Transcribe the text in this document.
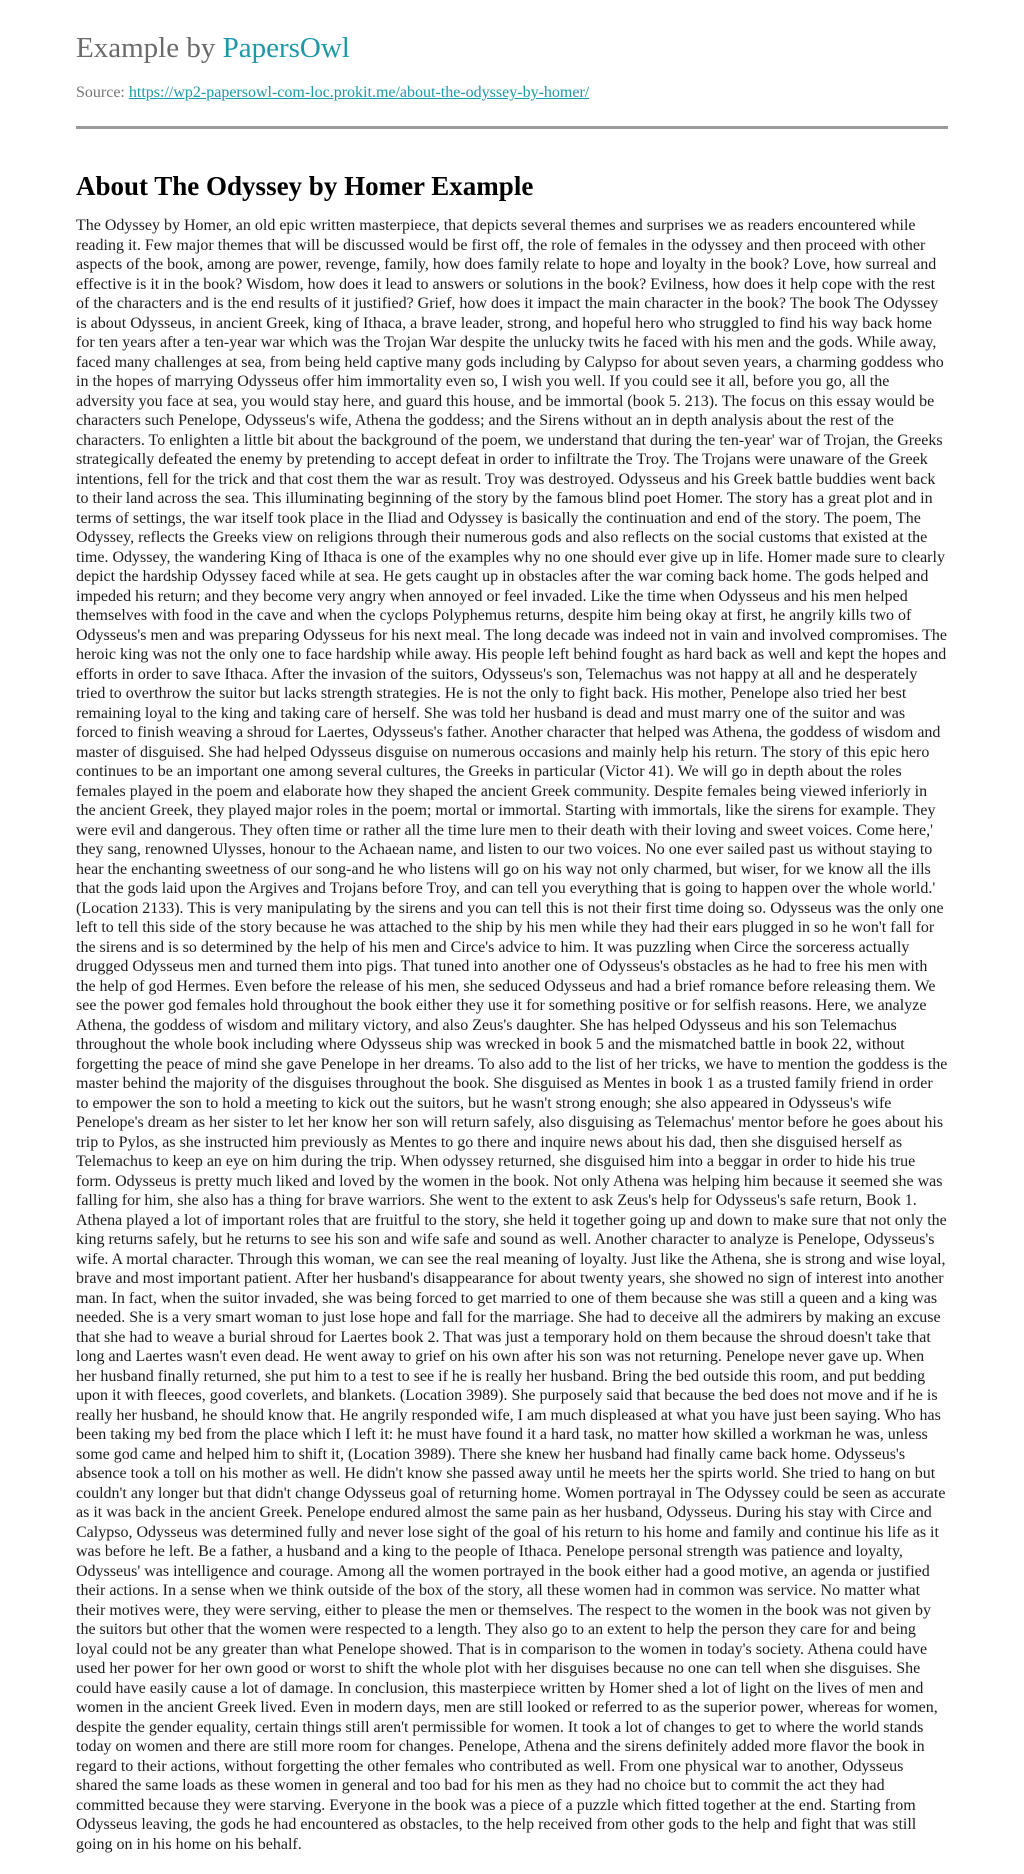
Example by PapersOwl

Source: https://wp2-papersowl-com-loc.prokit.me/about-the-odyssey-by-homer/

About The Odyssey by Homer Example

The Odyssey by Homer, an old epic written masterpiece, that depicts several themes and surprises we as readers encountered while reading it. Few major themes that will be discussed would be first off, the role of females in the odyssey and then proceed with other aspects of the book, among are power, revenge, family, how does family relate to hope and loyalty in the book? Love, how surreal and effective is it in the book? Wisdom, how does it lead to answers or solutions in the book? Evilness, how does it help cope with the rest of the characters and is the end results of it justified? Grief, how does it impact the main character in the book? The book The Odyssey is about Odysseus, in ancient Greek, king of Ithaca, a brave leader, strong, and hopeful hero who struggled to find his way back home for ten years after a ten-year war which was the Trojan War despite the unlucky twits he faced with his men and the gods. While away, faced many challenges at sea, from being held captive many gods including by Calypso for about seven years, a charming goddess who in the hopes of marrying Odysseus offer him immortality even so, I wish you well. If you could see it all, before you go, all the adversity you face at sea, you would stay here, and guard this house, and be immortal (book 5. 213). The focus on this essay would be characters such Penelope, Odysseus's wife, Athena the goddess; and the Sirens without an in depth analysis about the rest of the characters. To enlighten a little bit about the background of the poem, we understand that during the ten-year' war of Trojan, the Greeks strategically defeated the enemy by pretending to accept defeat in order to infiltrate the Troy. The Trojans were unaware of the Greek intentions, fell for the trick and that cost them the war as result. Troy was destroyed. Odysseus and his Greek battle buddies went back to their land across the sea. This illuminating beginning of the story by the famous blind poet Homer. The story has a great plot and in terms of settings, the war itself took place in the Iliad and Odyssey is basically the continuation and end of the story. The poem, The Odyssey, reflects the Greeks view on religions through their numerous gods and also reflects on the social customs that existed at the time. Odyssey, the wandering King of Ithaca is one of the examples why no one should ever give up in life. Homer made sure to clearly depict the hardship Odyssey faced while at sea. He gets caught up in obstacles after the war coming back home. The gods helped and impeded his return; and they become very angry when annoyed or feel invaded. Like the time when Odysseus and his men helped themselves with food in the cave and when the cyclops Polyphemus returns, despite him being okay at first, he angrily kills two of Odysseus's men and was preparing Odysseus for his next meal. The long decade was indeed not in vain and involved compromises. The heroic king was not the only one to face hardship while away. His people left behind fought as hard back as well and kept the hopes and efforts in order to save Ithaca. After the invasion of the suitors, Odysseus's son, Telemachus was not happy at all and he desperately tried to overthrow the suitor but lacks strength strategies. He is not the only to fight back. His mother, Penelope also tried her best remaining loyal to the king and taking care of herself. She was told her husband is dead and must marry one of the suitor and was forced to finish weaving a shroud for Laertes, Odysseus's father. Another character that helped was Athena, the goddess of wisdom and master of disguised. She had helped Odysseus disguise on numerous occasions and mainly help his return. The story of this epic hero continues to be an important one among several cultures, the Greeks in particular (Victor 41). We will go in depth about the roles females played in the poem and elaborate how they shaped the ancient Greek community. Despite females being viewed inferiorly in the ancient Greek, they played major roles in the poem; mortal or immortal. Starting with immortals, like the sirens for example. They were evil and dangerous. They often time or rather all the time lure men to their death with their loving and sweet voices. Come here,' they sang, renowned Ulysses, honour to the Achaean name, and listen to our two voices. No one ever sailed past us without staying to hear the enchanting sweetness of our song-and he who listens will go on his way not only charmed, but wiser, for we know all the ills that the gods laid upon the Argives and Trojans before Troy, and can tell you everything that is going to happen over the whole world.' (Location 2133). This is very manipulating by the sirens and you can tell this is not their first time doing so. Odysseus was the only one left to tell this side of the story because he was attached to the ship by his men while they had their ears plugged in so he won't fall for the sirens and is so determined by the help of his men and Circe's advice to him. It was puzzling when Circe the sorceress actually drugged Odysseus men and turned them into pigs. That tuned into another one of Odysseus's obstacles as he had to free his men with the help of god Hermes. Even before the release of his men, she seduced Odysseus and had a brief romance before releasing them. We see the power god females hold throughout the book either they use it for something positive or for selfish reasons. Here, we analyze Athena, the goddess of wisdom and military victory, and also Zeus's daughter. She has helped Odysseus and his son Telemachus throughout the whole book including where Odysseus ship was wrecked in book 5 and the mismatched battle in book 22, without forgetting the peace of mind she gave Penelope in her dreams. To also add to the list of her tricks, we have to mention the goddess is the master behind the majority of the disguises throughout the book. She disguised as Mentes in book 1 as a trusted family friend in order to empower the son to hold a meeting to kick out the suitors, but he wasn't strong enough; she also appeared in Odysseus's wife Penelope's dream as her sister to let her know her son will return safely, also disguising as Telemachus' mentor before he goes about his trip to Pylos, as she instructed him previously as Mentes to go there and inquire news about his dad, then she disguised herself as Telemachus to keep an eye on him during the trip. When odyssey returned, she disguised him into a beggar in order to hide his true form. Odysseus is pretty much liked and loved by the women in the book. Not only Athena was helping him because it seemed she was falling for him, she also has a thing for brave warriors. She went to the extent to ask Zeus's help for Odysseus's safe return, Book 1. Athena played a lot of important roles that are fruitful to the story, she held it together going up and down to make sure that not only the king returns safely, but he returns to see his son and wife safe and sound as well. Another character to analyze is Penelope, Odysseus's wife. A mortal character. Through this woman, we can see the real meaning of loyalty. Just like the Athena, she is strong and wise loyal, brave and most important patient. After her husband's disappearance for about twenty years, she showed no sign of interest into another man. In fact, when the suitor invaded, she was being forced to get married to one of them because she was still a queen and a king was needed. She is a very smart woman to just lose hope and fall for the marriage. She had to deceive all the admirers by making an excuse that she had to weave a burial shroud for Laertes book 2. That was just a temporary hold on them because the shroud doesn't take that long and Laertes wasn't even dead. He went away to grief on his own after his son was not returning. Penelope never gave up. When her husband finally returned, she put him to a test to see if he is really her husband. Bring the bed outside this room, and put bedding upon it with fleeces, good coverlets, and blankets. (Location 3989). She purposely said that because the bed does not move and if he is really her husband, he should know that. He angrily responded wife, I am much displeased at what you have just been saying. Who has been taking my bed from the place which I left it: he must have found it a hard task, no matter how skilled a workman he was, unless some god came and helped him to shift it, (Location 3989). There she knew her husband had finally came back home. Odysseus's absence took a toll on his mother as well. He didn't know she passed away until he meets her the spirts world. She tried to hang on but couldn't any longer but that didn't change Odysseus goal of returning home. Women portrayal in The Odyssey could be seen as accurate as it was back in the ancient Greek. Penelope endured almost the same pain as her husband, Odysseus. During his stay with Circe and Calypso, Odysseus was determined fully and never lose sight of the goal of his return to his home and family and continue his life as it was before he left. Be a father, a husband and a king to the people of Ithaca. Penelope personal strength was patience and loyalty, Odysseus' was intelligence and courage. Among all the women portrayed in the book either had a good motive, an agenda or justified their actions. In a sense when we think outside of the box of the story, all these women had in common was service. No matter what their motives were, they were serving, either to please the men or themselves. The respect to the women in the book was not given by the suitors but other that the women were respected to a length. They also go to an extent to help the person they care for and being loyal could not be any greater than what Penelope showed. That is in comparison to the women in today's society. Athena could have used her power for her own good or worst to shift the whole plot with her disguises because no one can tell when she disguises. She could have easily cause a lot of damage. In conclusion, this masterpiece written by Homer shed a lot of light on the lives of men and women in the ancient Greek lived. Even in modern days, men are still looked or referred to as the superior power, whereas for women, despite the gender equality, certain things still aren't permissible for women. It took a lot of changes to get to where the world stands today on women and there are still more room for changes. Penelope, Athena and the sirens definitely added more flavor the book in regard to their actions, without forgetting the other females who contributed as well. From one physical war to another, Odysseus shared the same loads as these women in general and too bad for his men as they had no choice but to commit the act they had committed because they were starving. Everyone in the book was a piece of a puzzle which fitted together at the end. Starting from Odysseus leaving, the gods he had encountered as obstacles, to the help received from other gods to the help and fight that was still going on in his home on his behalf.
